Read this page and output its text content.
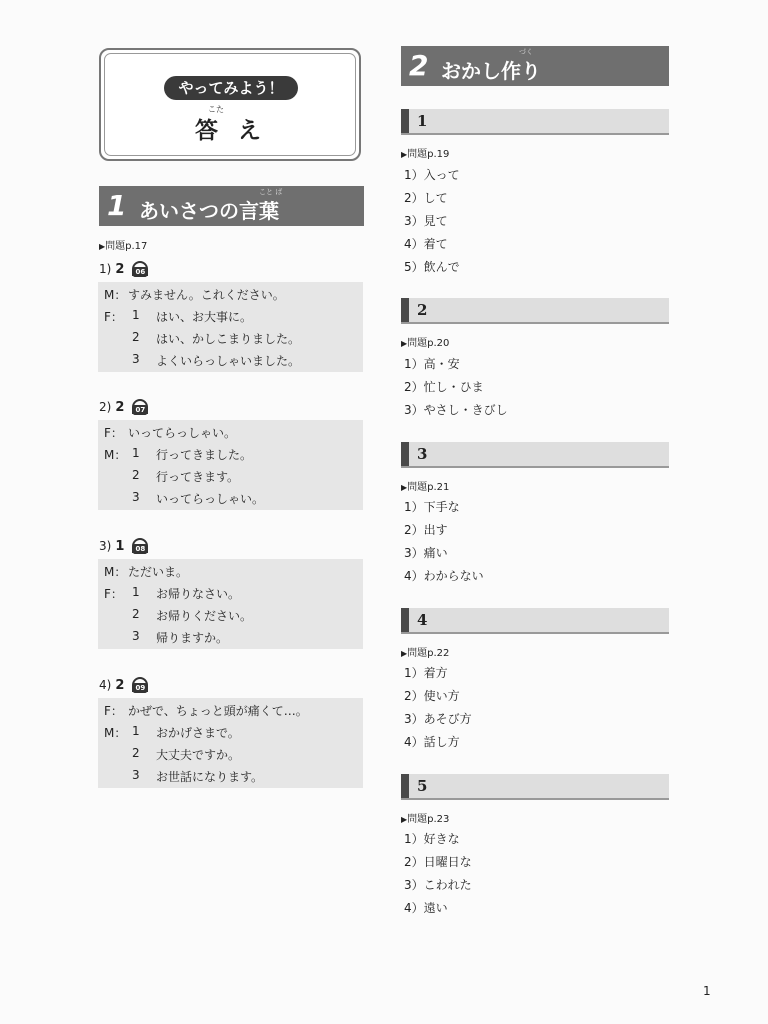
やってみよう！
こた
答 え
1	こと ば
あいさつの言葉
▶問題p.17
1) 2	06
M： すみません。これください。
F： 1 はい、お大事に。
2 はい、かしこまりました。
3 よくいらっしゃいました。
2) 2	07
F： いってらっしゃい。
M： 1 行ってきました。
2 行ってきます。
3 いってらっしゃい。
3) 1	08
M： ただいま。
F： 1 お帰りなさい。
2 お帰りください。
3 帰りますか。
4) 2	09
F： かぜで、ちょっと頭が痛くて…。
M： 1 おかげさまで。
2 大丈夫ですか。
3 お世話になります。
2	づく
おかし作り
1
▶問題p.19
1）入って
2）して
3）見て
4）着て
5）飲んで
2
▶問題p.20
1）高・安
2）忙し・ひま
3）やさし・きびし
3
▶問題p.21
1）下手な
2）出す
3）痛い
4）わからない
4
▶問題p.22
1）着方
2）使い方
3）あそび方
4）話し方
5
▶問題p.23
1）好きな
2）日曜日な
3）こわれた
4）遠い
1
